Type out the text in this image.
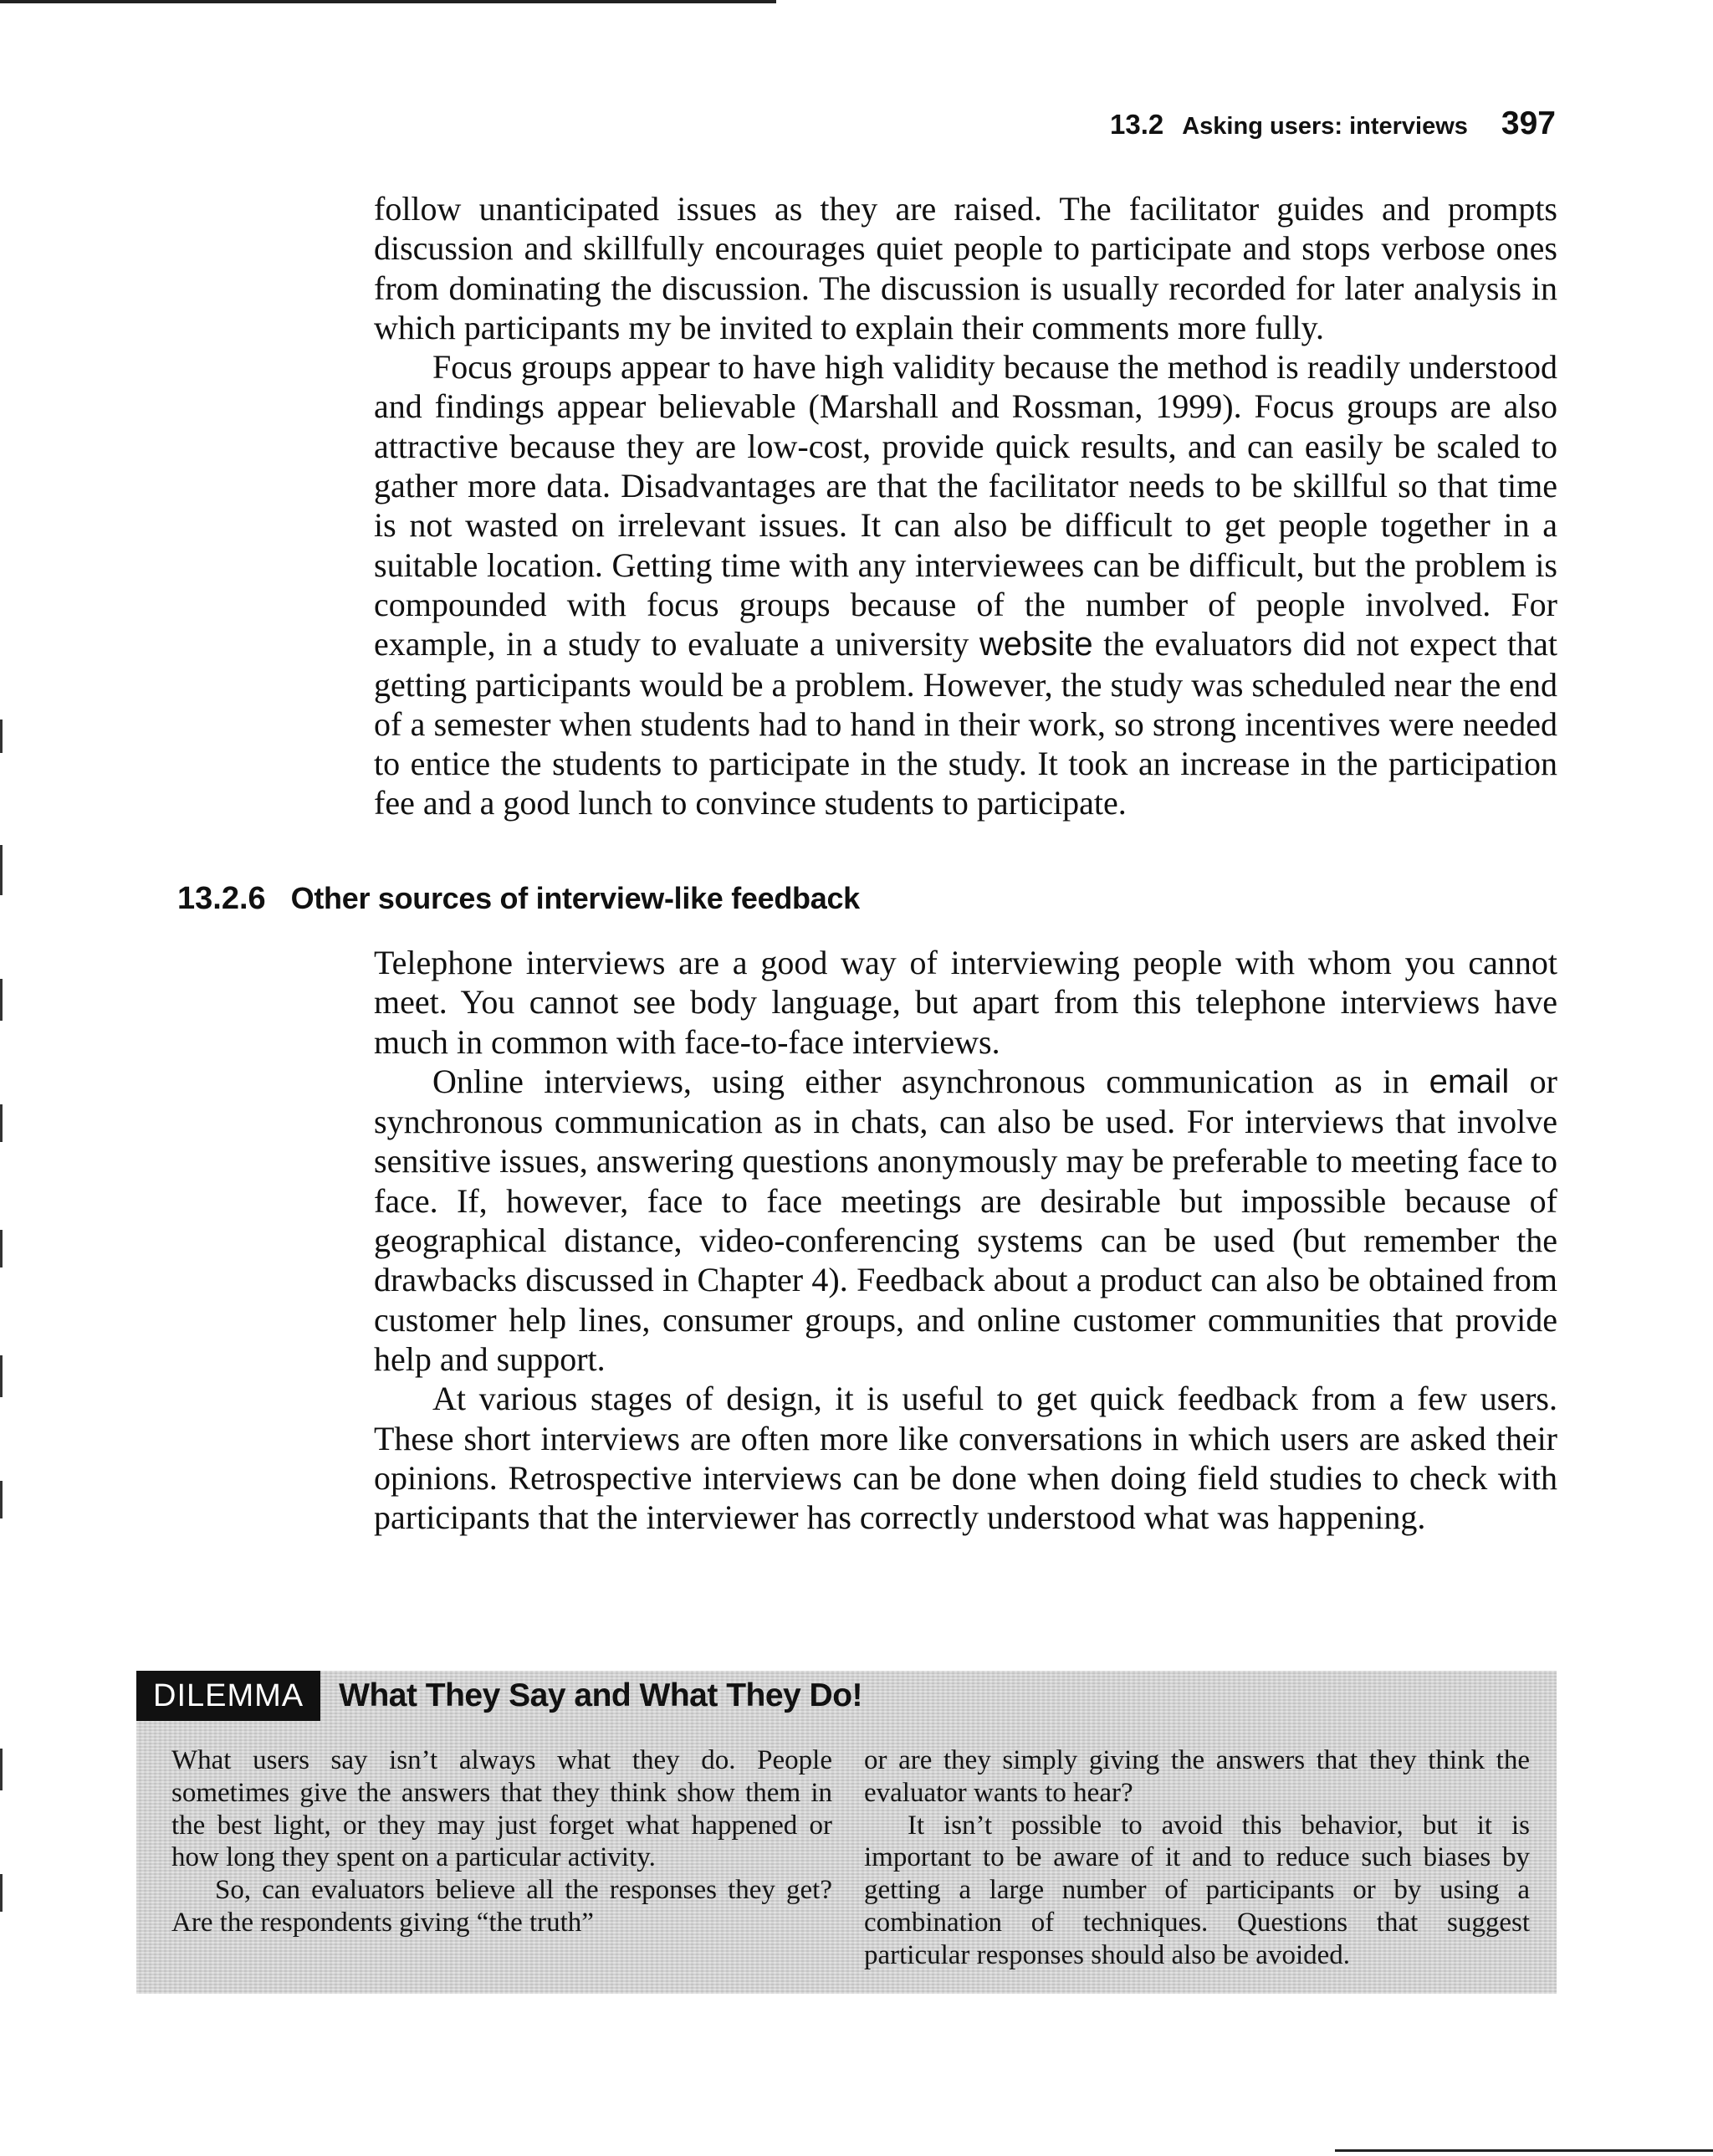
13.2 Asking users: interviews 397

follow unanticipated issues as they are raised. The facilitator guides and prompts discussion and skillfully encourages quiet people to participate and stops verbose ones from dominating the discussion. The discussion is usually recorded for later analysis in which participants my be invited to explain their comments more fully.

Focus groups appear to have high validity because the method is readily understood and findings appear believable (Marshall and Rossman, 1999). Focus groups are also attractive because they are low-cost, provide quick results, and can easily be scaled to gather more data. Disadvantages are that the facilitator needs to be skillful so that time is not wasted on irrelevant issues. It can also be difficult to get people together in a suitable location. Getting time with any interviewees can be difficult, but the problem is compounded with focus groups because of the number of people involved. For example, in a study to evaluate a university website the evaluators did not expect that getting participants would be a problem. However, the study was scheduled near the end of a semester when students had to hand in their work, so strong incentives were needed to entice the students to participate in the study. It took an increase in the participation fee and a good lunch to convince students to participate.

13.2.6 Other sources of interview-like feedback

Telephone interviews are a good way of interviewing people with whom you cannot meet. You cannot see body language, but apart from this telephone interviews have much in common with face-to-face interviews.

Online interviews, using either asynchronous communication as in email or synchronous communication as in chats, can also be used. For interviews that involve sensitive issues, answering questions anonymously may be preferable to meeting face to face. If, however, face to face meetings are desirable but impossible because of geographical distance, video-conferencing systems can be used (but remember the drawbacks discussed in Chapter 4). Feedback about a product can also be obtained from customer help lines, consumer groups, and online customer communities that provide help and support.

At various stages of design, it is useful to get quick feedback from a few users. These short interviews are often more like conversations in which users are asked their opinions. Retrospective interviews can be done when doing field studies to check with participants that the interviewer has correctly understood what was happening.

DILEMMA	What They Say and What They Do!

What users say isn’t always what they do. People sometimes give the answers that they think show them in the best light, or they may just forget what happened or how long they spent on a particular activity.

So, can evaluators believe all the responses they get? Are the respondents giving “the truth”

or are they simply giving the answers that they think the evaluator wants to hear?

It isn’t possible to avoid this behavior, but it is important to be aware of it and to reduce such biases by getting a large number of participants or by using a combination of techniques. Questions that suggest particular responses should also be avoided.
